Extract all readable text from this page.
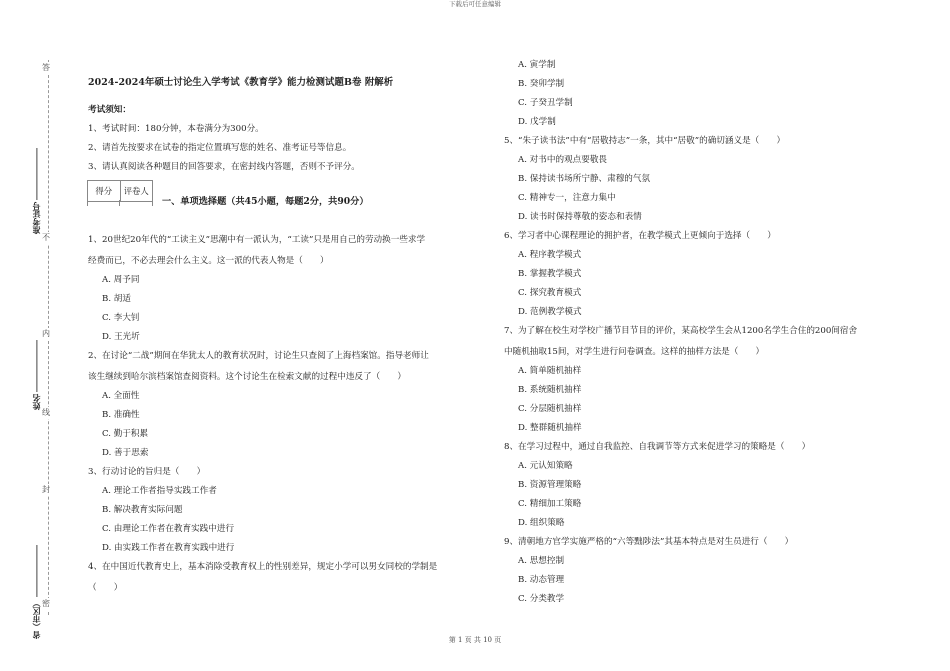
下载后可任意编辑
答
不
内
线
封
密
准考证号
姓名
省（市区）
2024-2024年硕士讨论生入学考试《教育学》能力检测试题B卷 附解析
考试须知：
1、考试时间：180分钟，本卷满分为300分。
2、请首先按要求在试卷的指定位置填写您的姓名、准考证号等信息。
3、请认真阅读各种题目的回答要求，在密封线内答题，否则不予评分。
得分	评卷人
一、单项选择题（共45小题，每题2分，共90分）
1、20世纪20年代的“工读主义”思潮中有一派认为，“工读”只是用自己的劳动换一些求学
经费而已，不必去理会什么主义。这一派的代表人物是（　　）
A. 周予同
B. 胡适
C. 李大钊
D. 王光圻
2、在讨论“二战”期间在华犹太人的教育状况时，讨论生只查阅了上海档案馆。指导老师让
该生继续到哈尔滨档案馆查阅资料。这个讨论生在检索文献的过程中违反了（　　）
A. 全面性
B. 准确性
C. 勤于积累
D. 善于思索
3、行动讨论的旨归是（　　）
A. 理论工作者指导实践工作者
B. 解决教育实际问题
C. 由理论工作者在教育实践中进行
D. 由实践工作者在教育实践中进行
4、在中国近代教育史上，基本消除受教育权上的性别差异，规定小学可以男女同校的学制是
（　　）
A. 寅学制
B. 癸卯学制
C. 子癸丑学制
D. 戊学制
5、“朱子读书法”中有“居敬持志”一条，其中“居敬”的确切涵义是（　　）
A. 对书中的观点要敬畏
B. 保持读书场所宁静、肃穆的气氛
C. 精神专一，注意力集中
D. 读书时保持尊敬的姿态和表情
6、学习者中心课程理论的拥护者，在教学模式上更倾向于选择（　　）
A. 程序教学模式
B. 掌握教学模式
C. 探究教育模式
D. 范例教学模式
7、为了解在校生对学校广播节目节目的评价，某高校学生会从1200名学生合住的200间宿舍
中随机抽取15间，对学生进行问卷调查。这样的抽样方法是（　　）
A. 简单随机抽样
B. 系统随机抽样
C. 分层随机抽样
D. 整群随机抽样
8、在学习过程中，通过自我监控、自我调节等方式来促进学习的策略是（　　）
A. 元认知策略
B. 资源管理策略
C. 精细加工策略
D. 组织策略
9、清朝地方官学实施严格的“六等黜陟法”其基本特点是对生员进行（　　）
A. 思想控制
B. 动态管理
C. 分类教学
第 1 页 共 10 页
